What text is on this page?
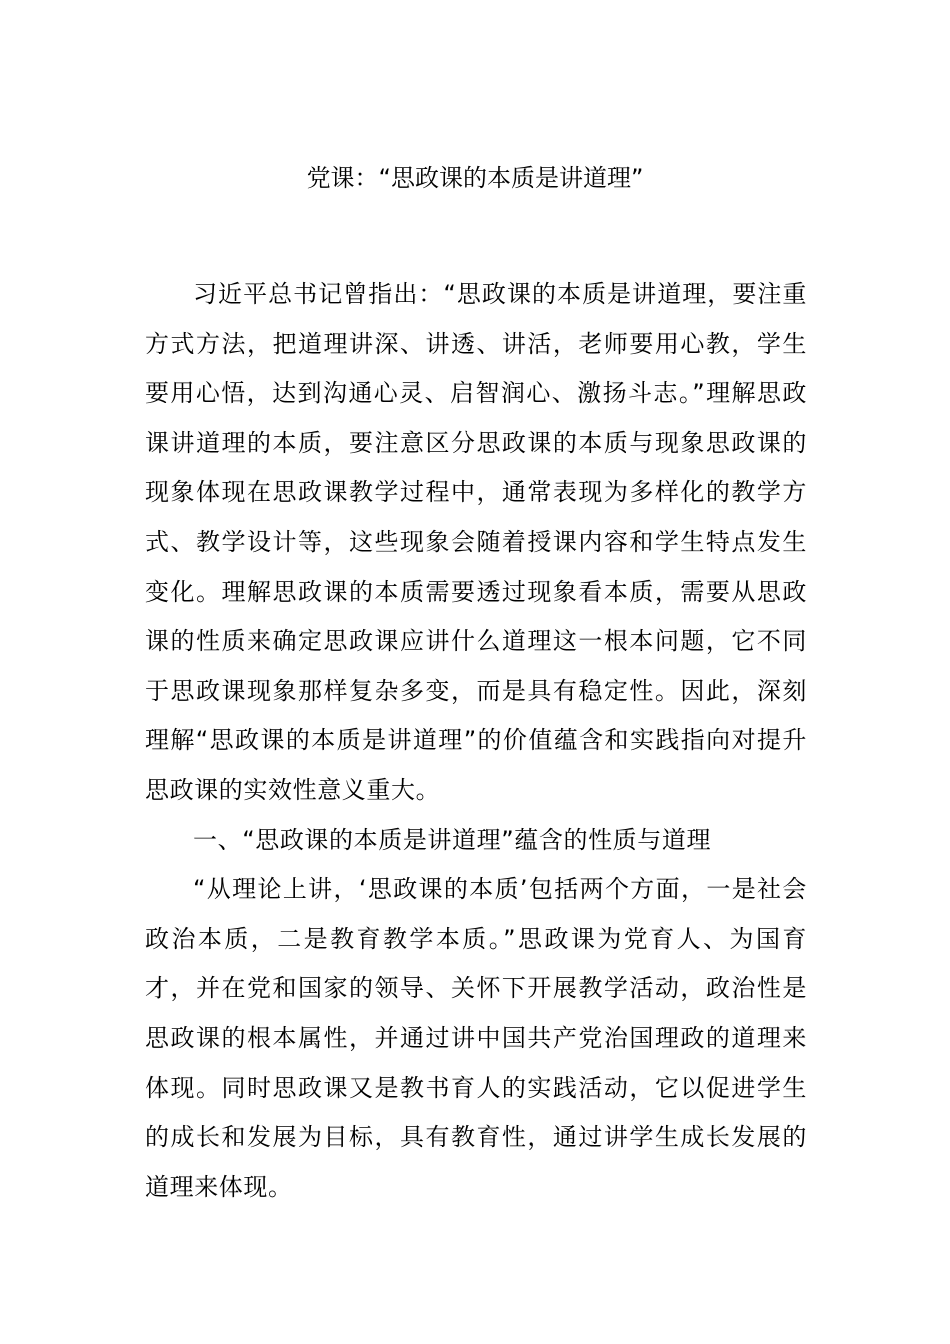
党课：“思政课的本质是讲道理”

习近平总书记曾指出：“思政课的本质是讲道理，要注重方式方法，把道理讲深、讲透、讲活，老师要用心教，学生要用心悟，达到沟通心灵、启智润心、激扬斗志。”理解思政课讲道理的本质，要注意区分思政课的本质与现象思政课的现象体现在思政课教学过程中，通常表现为多样化的教学方式、教学设计等，这些现象会随着授课内容和学生特点发生变化。理解思政课的本质需要透过现象看本质，需要从思政课的性质来确定思政课应讲什么道理这一根本问题，它不同于思政课现象那样复杂多变，而是具有稳定性。因此，深刻理解“思政课的本质是讲道理”的价值蕴含和实践指向对提升思政课的实效性意义重大。

一、“思政课的本质是讲道理”蕴含的性质与道理

“从理论上讲，‘思政课的本质’包括两个方面，一是社会政治本质，二是教育教学本质。”思政课为党育人、为国育才，并在党和国家的领导、关怀下开展教学活动，政治性是思政课的根本属性，并通过讲中国共产党治国理政的道理来体现。同时思政课又是教书育人的实践活动，它以促进学生的成长和发展为目标，具有教育性，通过讲学生成长发展的道理来体现。
